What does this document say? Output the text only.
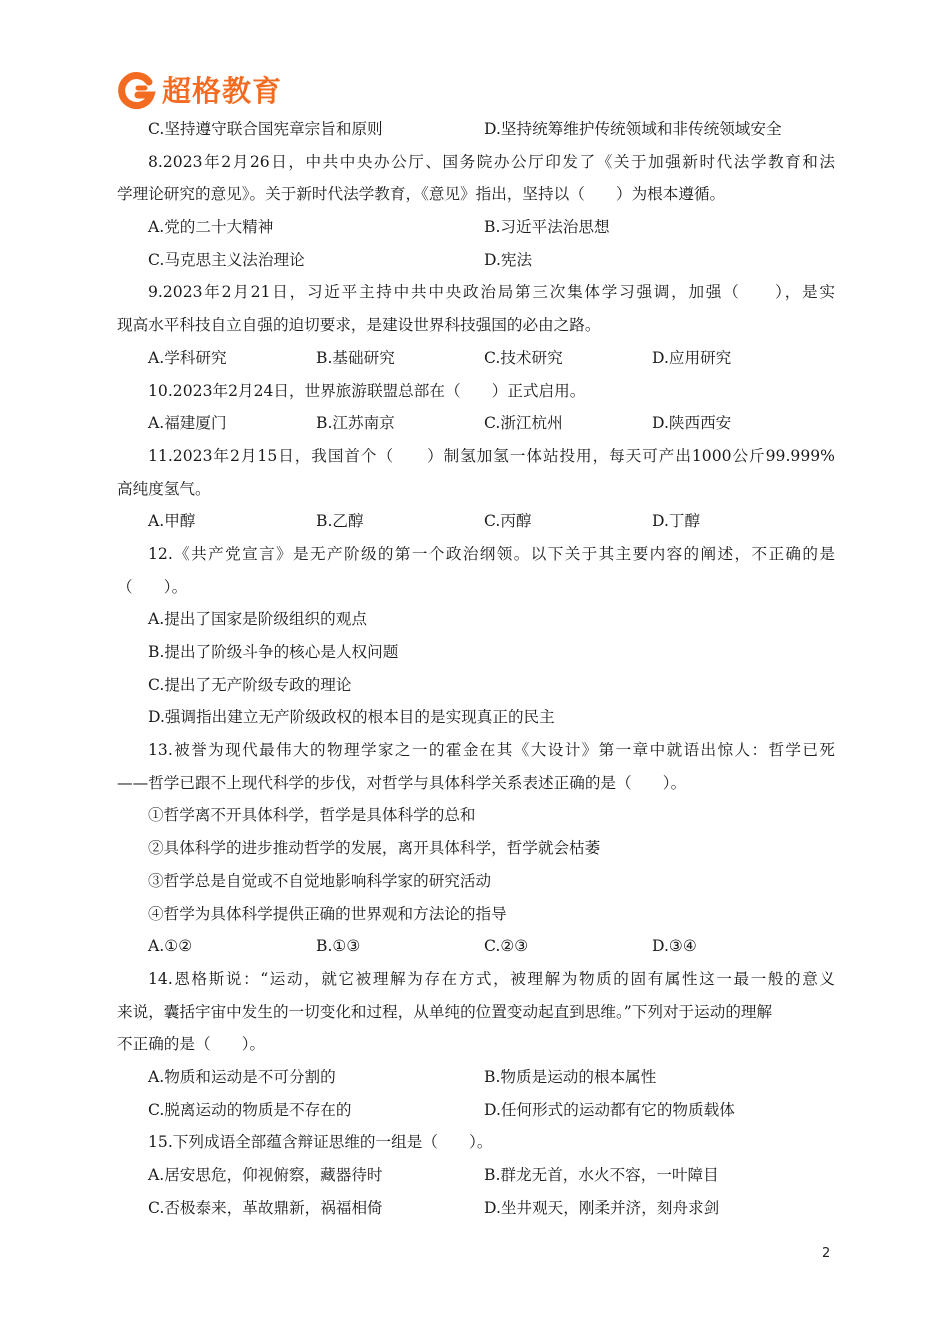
超格教育
C.坚持遵守联合国宪章宗旨和原则	D.坚持统筹维护传统领域和非传统领域安全
8.2023年2月26日，中共中央办公厅、国务院办公厅印发了《关于加强新时代法学教育和法
学理论研究的意见》。关于新时代法学教育，《意见》指出，坚持以（　　）为根本遵循。
A.党的二十大精神	B.习近平法治思想
C.马克思主义法治理论	D.宪法
9.2023年2月21日，习近平主持中共中央政治局第三次集体学习强调，加强（　　），是实
现高水平科技自立自强的迫切要求，是建设世界科技强国的必由之路。
A.学科研究	B.基础研究	C.技术研究	D.应用研究
10.2023年2月24日，世界旅游联盟总部在（　　）正式启用。
A.福建厦门	B.江苏南京	C.浙江杭州	D.陕西西安
11.2023年2月15日，我国首个（　　）制氢加氢一体站投用，每天可产出1000公斤99.999%
高纯度氢气。
A.甲醇	B.乙醇	C.丙醇	D.丁醇
12.《共产党宣言》是无产阶级的第一个政治纲领。以下关于其主要内容的阐述，不正确的是
（　　）。
A.提出了国家是阶级组织的观点
B.提出了阶级斗争的核心是人权问题
C.提出了无产阶级专政的理论
D.强调指出建立无产阶级政权的根本目的是实现真正的民主
13.被誉为现代最伟大的物理学家之一的霍金在其《大设计》第一章中就语出惊人：哲学已死
——哲学已跟不上现代科学的步伐，对哲学与具体科学关系表述正确的是（　　）。
①哲学离不开具体科学，哲学是具体科学的总和
②具体科学的进步推动哲学的发展，离开具体科学，哲学就会枯萎
③哲学总是自觉或不自觉地影响科学家的研究活动
④哲学为具体科学提供正确的世界观和方法论的指导
A.①②	B.①③	C.②③	D.③④
14.恩格斯说：“运动，就它被理解为存在方式，被理解为物质的固有属性这一最一般的意义
来说，囊括宇宙中发生的一切变化和过程，从单纯的位置变动起直到思维。”下列对于运动的理解
不正确的是（　　）。
A.物质和运动是不可分割的	B.物质是运动的根本属性
C.脱离运动的物质是不存在的	D.任何形式的运动都有它的物质载体
15.下列成语全部蕴含辩证思维的一组是（　　）。
A.居安思危，仰视俯察，藏器待时	B.群龙无首，水火不容，一叶障目
C.否极泰来，革故鼎新，祸福相倚	D.坐井观天，刚柔并济，刻舟求剑
2
